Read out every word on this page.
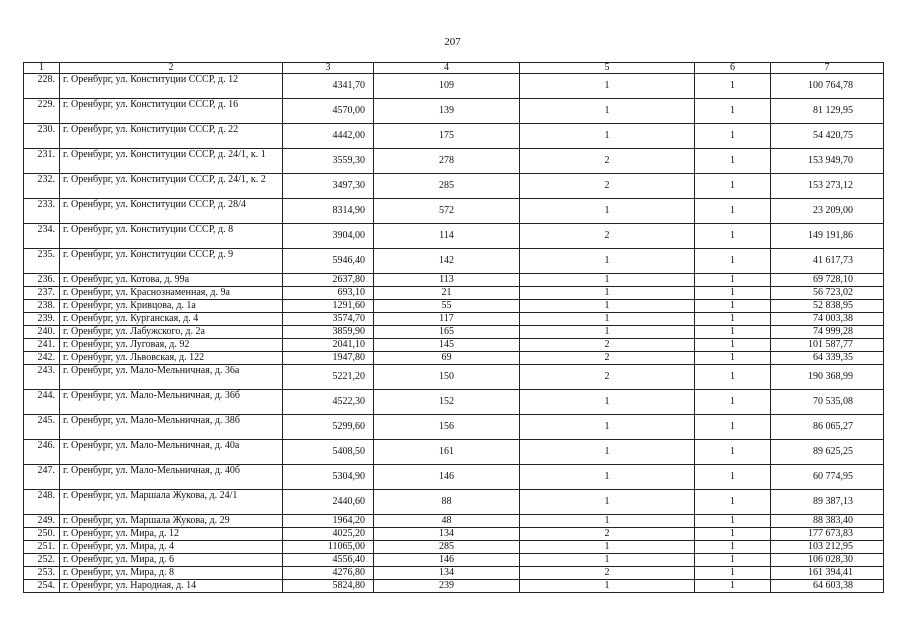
207
1	2	3	4	5	6	7
228.	г. Оренбург, ул. Конституции СССР, д. 12	4341,70	109	1	1	100 764,78
229.	г. Оренбург, ул. Конституции СССР, д. 16	4570,00	139	1	1	81 129,95
230.	г. Оренбург, ул. Конституции СССР, д. 22	4442,00	175	1	1	54 420,75
231.	г. Оренбург, ул. Конституции СССР, д. 24/1, к. 1	3559,30	278	2	1	153 949,70
232.	г. Оренбург, ул. Конституции СССР, д. 24/1, к. 2	3497,30	285	2	1	153 273,12
233.	г. Оренбург, ул. Конституции СССР, д. 28/4	8314,90	572	1	1	23 209,00
234.	г. Оренбург, ул. Конституции СССР, д. 8	3904,00	114	2	1	149 191,86
235.	г. Оренбург, ул. Конституции СССР, д. 9	5946,40	142	1	1	41 617,73
236.	г. Оренбург, ул. Котова, д. 99а	2637,80	113	1	1	69 728,10
237.	г. Оренбург, ул. Краснознаменная, д. 9а	693,10	21	1	1	56 723,02
238.	г. Оренбург, ул. Кривцова, д. 1а	1291,60	55	1	1	52 838,95
239.	г. Оренбург, ул. Курганская, д. 4	3574,70	117	1	1	74 003,38
240.	г. Оренбург, ул. Лабужского, д. 2а	3859,90	165	1	1	74 999,28
241.	г. Оренбург, ул. Луговая, д. 92	2041,10	145	2	1	101 587,77
242.	г. Оренбург, ул. Львовская, д. 122	1947,80	69	2	1	64 339,35
243.	г. Оренбург, ул. Мало-Мельничная, д. 36а	5221,20	150	2	1	190 368,99
244.	г. Оренбург, ул. Мало-Мельничная, д. 36б	4522,30	152	1	1	70 535,08
245.	г. Оренбург, ул. Мало-Мельничная, д. 38б	5299,60	156	1	1	86 065,27
246.	г. Оренбург, ул. Мало-Мельничная, д. 40а	5408,50	161	1	1	89 625,25
247.	г. Оренбург, ул. Мало-Мельничная, д. 40б	5304,90	146	1	1	60 774,95
248.	г. Оренбург, ул. Маршала Жукова, д. 24/1	2440,60	88	1	1	89 387,13
249.	г. Оренбург, ул. Маршала Жукова, д. 29	1964,20	48	1	1	88 383,40
250.	г. Оренбург, ул. Мира, д. 12	4025,20	134	2	1	177 673,83
251.	г. Оренбург, ул. Мира, д. 4	11065,00	285	1	1	103 212,95
252.	г. Оренбург, ул. Мира, д. 6	4556,40	146	1	1	106 028,30
253.	г. Оренбург, ул. Мира, д. 8	4276,80	134	2	1	161 394,41
254.	г. Оренбург, ул. Народная, д. 14	5824,80	239	1	1	64 603,38
